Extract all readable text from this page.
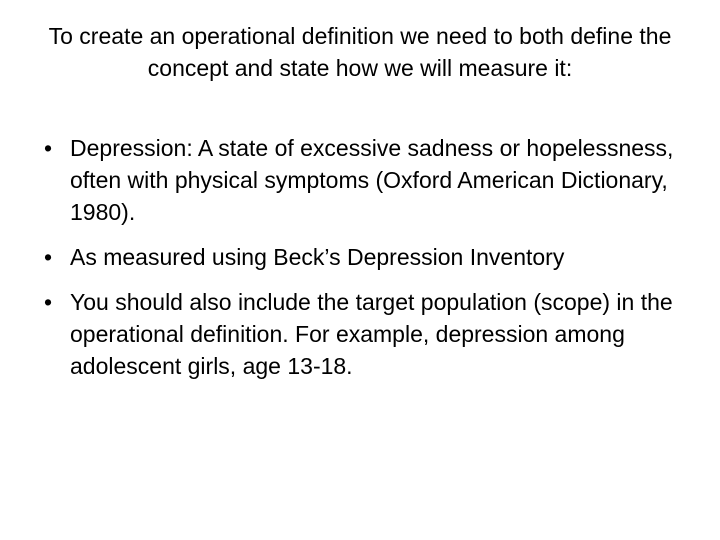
To create an operational definition we need to both define the concept and state how we will measure it:
• Depression: A state of excessive sadness or hopelessness, often with physical symptoms (Oxford American Dictionary, 1980).
• As measured using Beck’s Depression Inventory
• You should also include the target population (scope) in the operational definition. For example, depression among adolescent girls, age 13-18.
